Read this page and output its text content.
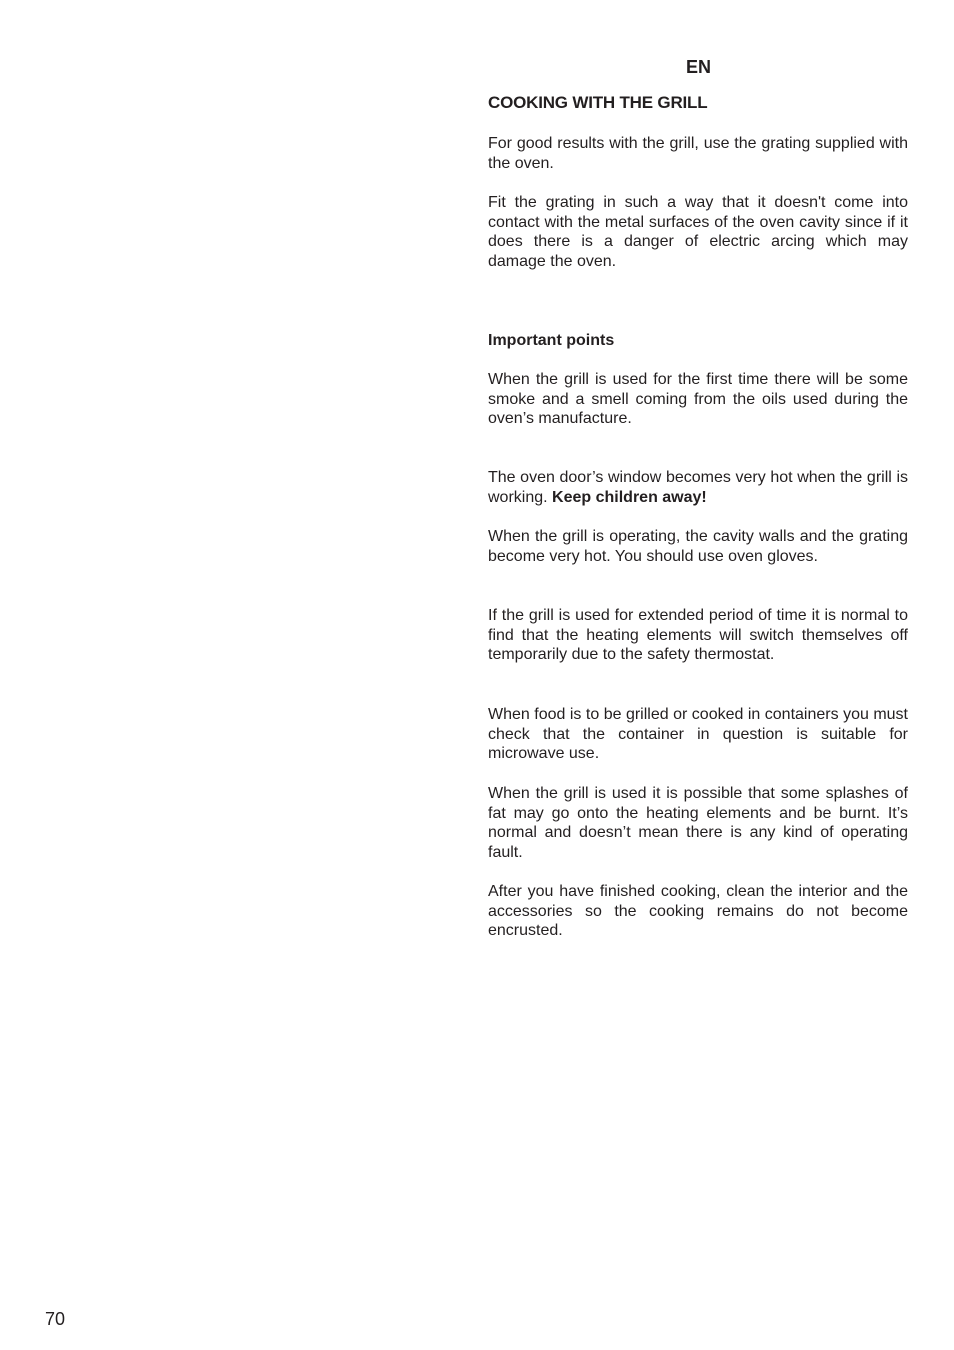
EN
COOKING WITH THE GRILL

For good results with the grill, use the grating supplied with the oven.

Fit the grating in such a way that it doesn't come into contact with the metal surfaces of the oven cavity since if it does there is a danger of electric arcing which may damage the oven.

Important points

When the grill is used for the first time there will be some smoke and a smell coming from the oils used during the oven’s manufacture.

The oven door’s window becomes very hot when the grill is working. Keep children away!

When the grill is operating, the cavity walls and the grating become very hot. You should use oven gloves.

If the grill is used for extended period of time it is normal to find that the heating elements will switch themselves off temporarily due to the safety thermostat.

When food is to be grilled or cooked in containers you must check that the container in question is suitable for microwave use.

When the grill is used it is possible that some splashes of fat may go onto the heating elements and be burnt. It’s normal and doesn’t mean there is any kind of operating fault.

After you have finished cooking, clean the interior and the accessories so the cooking remains do not become encrusted.

70
